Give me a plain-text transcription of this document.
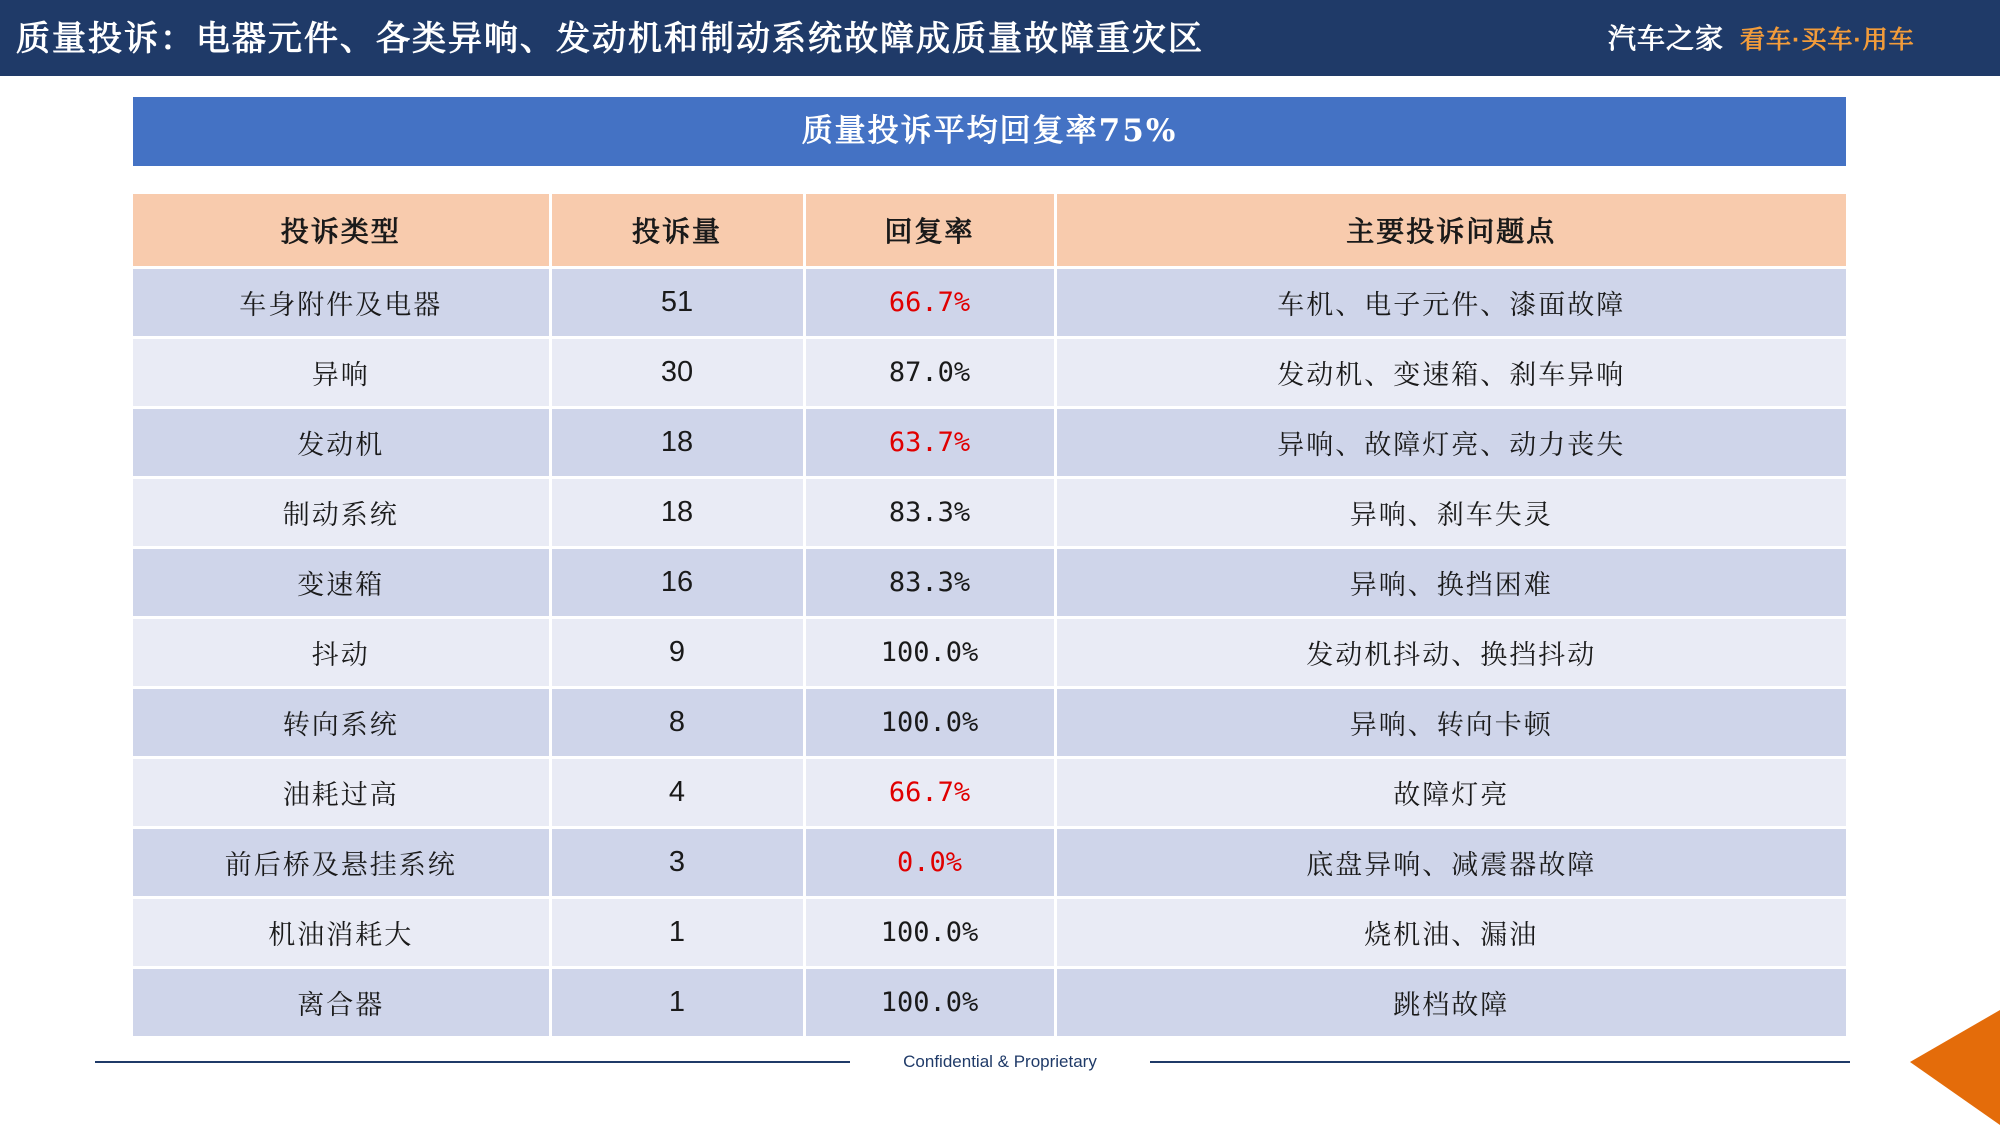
质量投诉：电器元件、各类异响、发动机和制动系统故障成质量故障重灾区	汽车之家 看车·买车·用车
质量投诉平均回复率75%
投诉类型	投诉量	回复率	主要投诉问题点
车身附件及电器	51	66.7%	车机、电子元件、漆面故障
异响	30	87.0%	发动机、变速箱、刹车异响
发动机	18	63.7%	异响、故障灯亮、动力丧失
制动系统	18	83.3%	异响、刹车失灵
变速箱	16	83.3%	异响、换挡困难
抖动	9	100.0%	发动机抖动、换挡抖动
转向系统	8	100.0%	异响、转向卡顿
油耗过高	4	66.7%	故障灯亮
前后桥及悬挂系统	3	0.0%	底盘异响、减震器故障
机油消耗大	1	100.0%	烧机油、漏油
离合器	1	100.0%	跳档故障
Confidential & Proprietary
